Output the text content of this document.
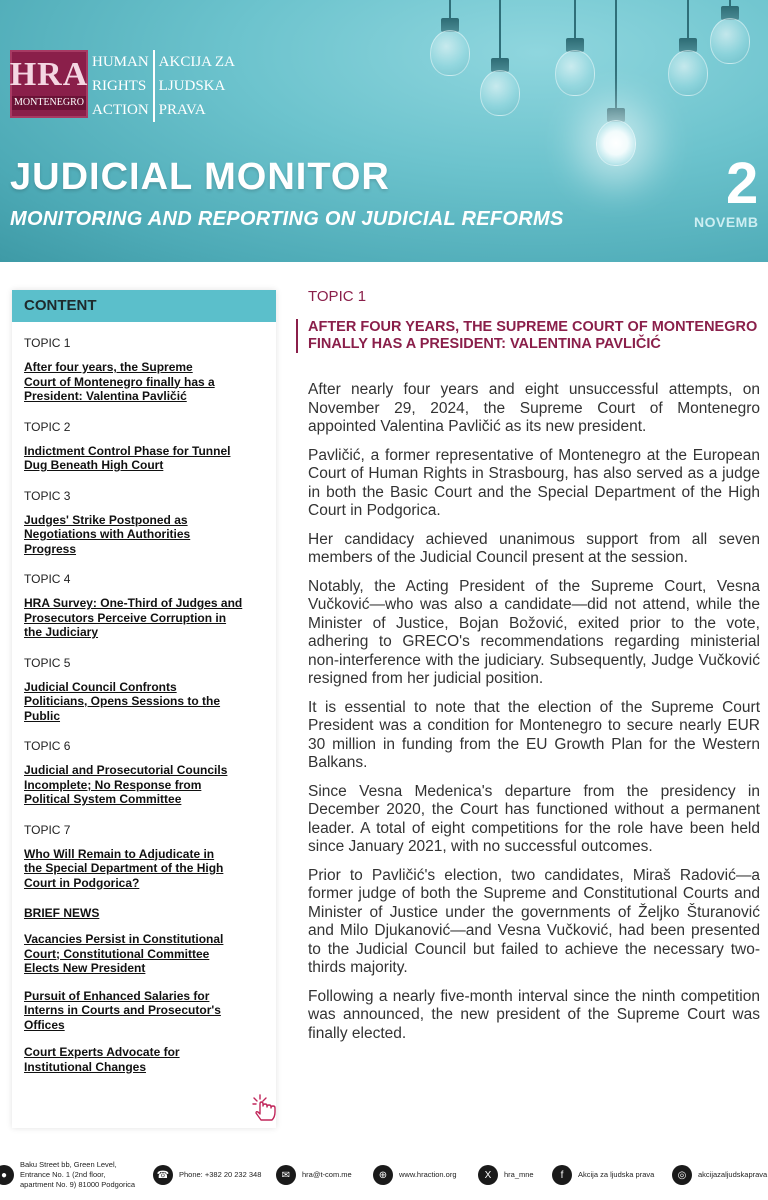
HRA
MONTENEGRO
HUMAN
RIGHTS
ACTION
AKCIJA ZA
LJUDSKA
PRAVA
JUDICIAL MONITOR
MONITORING AND REPORTING ON JUDICIAL REFORMS
2
NOVEMB
CONTENT
TOPIC 1
After four years, the Supreme
Court of Montenegro finally has a
President: Valentina Pavličić
TOPIC 2
Indictment Control Phase for Tunnel
Dug Beneath High Court
TOPIC 3
Judges' Strike Postponed as
Negotiations with Authorities
Progress
TOPIC 4
HRA Survey: One-Third of Judges and
Prosecutors Perceive Corruption in
the Judiciary
TOPIC 5
Judicial Council Confronts
Politicians, Opens Sessions to the
Public
TOPIC 6
Judicial and Prosecutorial Councils
Incomplete; No Response from
Political System Committee
TOPIC 7
Who Will Remain to Adjudicate in
the Special Department of the High
Court in Podgorica?
BRIEF NEWS
Vacancies Persist in Constitutional
Court; Constitutional Committee
Elects New President
Pursuit of Enhanced Salaries for
Interns in Courts and Prosecutor's
Offices
Court Experts Advocate for
Institutional Changes
TOPIC 1
AFTER FOUR YEARS, THE SUPREME COURT OF MONTENEGRO FINALLY HAS A PRESIDENT: VALENTINA PAVLIČIĆ

After nearly four years and eight unsuccessful attempts, on November 29, 2024, the Supreme Court of Montenegro appointed Valentina Pavličić as its new president.

Pavličić, a former representative of Montenegro at the European Court of Human Rights in Strasbourg, has also served as a judge in both the Basic Court and the Special Department of the High Court in Podgorica.

Her candidacy achieved unanimous support from all seven members of the Judicial Council present at the session.

Notably, the Acting President of the Supreme Court, Vesna Vučković—who was also a candidate—did not attend, while the Minister of Justice, Bojan Božović, exited prior to the vote, adhering to GRECO's recommendations regarding ministerial non-interference with the judiciary. Subsequently, Judge Vučković resigned from her judicial position.

It is essential to note that the election of the Supreme Court President was a condition for Montenegro to secure nearly EUR 30 million in funding from the EU Growth Plan for the Western Balkans.

Since Vesna Medenica's departure from the presidency in December 2020, the Court has functioned without a permanent leader. A total of eight competitions for the role have been held since January 2021, with no successful outcomes.

Prior to Pavličić's election, two candidates, Miraš Radović—a former judge of both the Supreme and Constitutional Courts and Minister of Justice under the governments of Željko Šturanović and Milo Djukanović—and Vesna Vučković, had been presented to the Judicial Council but failed to achieve the necessary two-thirds majority.

Following a nearly five-month interval since the ninth competition was announced, the new president of the Supreme Court was finally elected.

●
Baku Street bb, Green Level,
Entrance No. 1 (2nd floor,
apartment No. 9) 81000 Podgorica
☎	Phone: +382 20 232 348	✉	hra@t-com.me	⊕	www.hraction.org	X	hra_mne	f	Akcija za ljudska prava	◎	akcijazaljudskaprava
